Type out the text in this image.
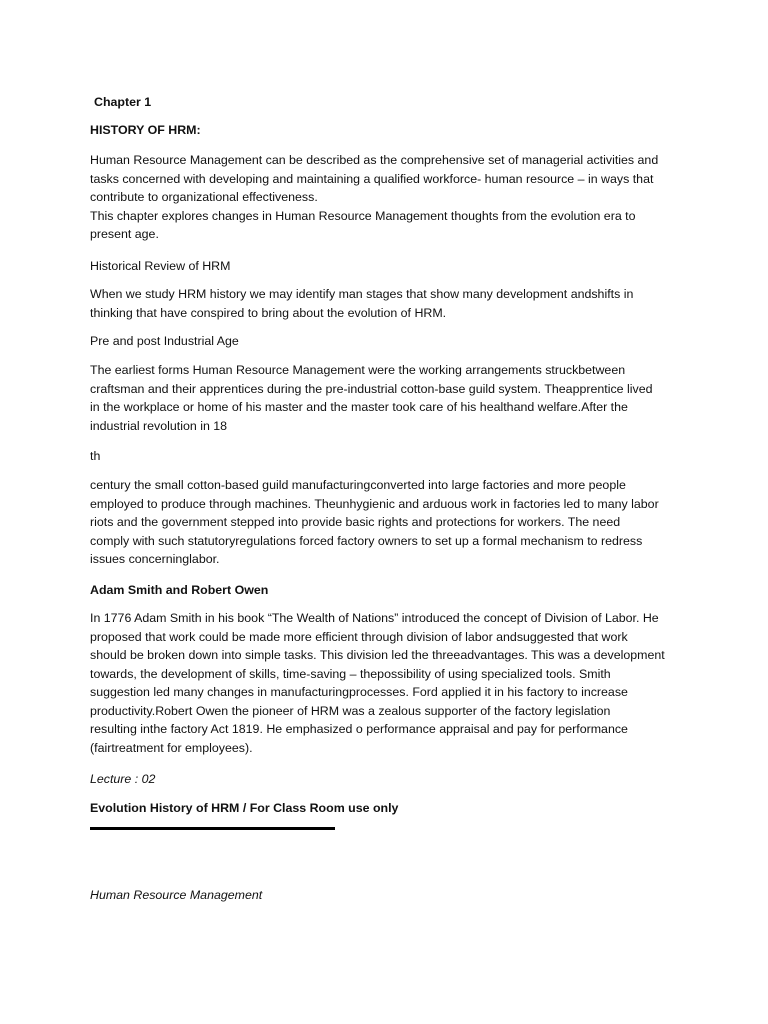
Chapter 1

HISTORY OF HRM:

Human Resource Management can be described as the comprehensive set of managerial activities and
tasks concerned with developing and maintaining a qualified workforce- human resource – in ways that
contribute to organizational effectiveness.
This chapter explores changes in Human Resource Management thoughts from the evolution era to
present age.

Historical Review of HRM

When we study HRM history we may identify man stages that show many development andshifts in
thinking that have conspired to bring about the evolution of HRM.

Pre and post Industrial Age

The earliest forms Human Resource Management were the working arrangements struckbetween
craftsman and their apprentices during the pre-industrial cotton-base guild system. Theapprentice lived
in the workplace or home of his master and the master took care of his healthand welfare.After the
industrial revolution in 18

th

century the small cotton-based guild manufacturingconverted into large factories and more people
employed to produce through machines. Theunhygienic and arduous work in factories led to many labor
riots and the government stepped into provide basic rights and protections for workers. The need
comply with such statutoryregulations forced factory owners to set up a formal mechanism to redress
issues concerninglabor.

Adam Smith and Robert Owen

In 1776 Adam Smith in his book “The Wealth of Nations” introduced the concept of Division of Labor. He
proposed that work could be made more efficient through division of labor andsuggested that work
should be broken down into simple tasks. This division led the threeadvantages. This was a development
towards, the development of skills, time-saving – thepossibility of using specialized tools. Smith
suggestion led many changes in manufacturingprocesses. Ford applied it in his factory to increase
productivity.Robert Owen the pioneer of HRM was a zealous supporter of the factory legislation
resulting inthe factory Act 1819. He emphasized o performance appraisal and pay for performance
(fairtreatment for employees).

Lecture : 02

Evolution History of HRM / For Class Room use only

Human Resource Management
